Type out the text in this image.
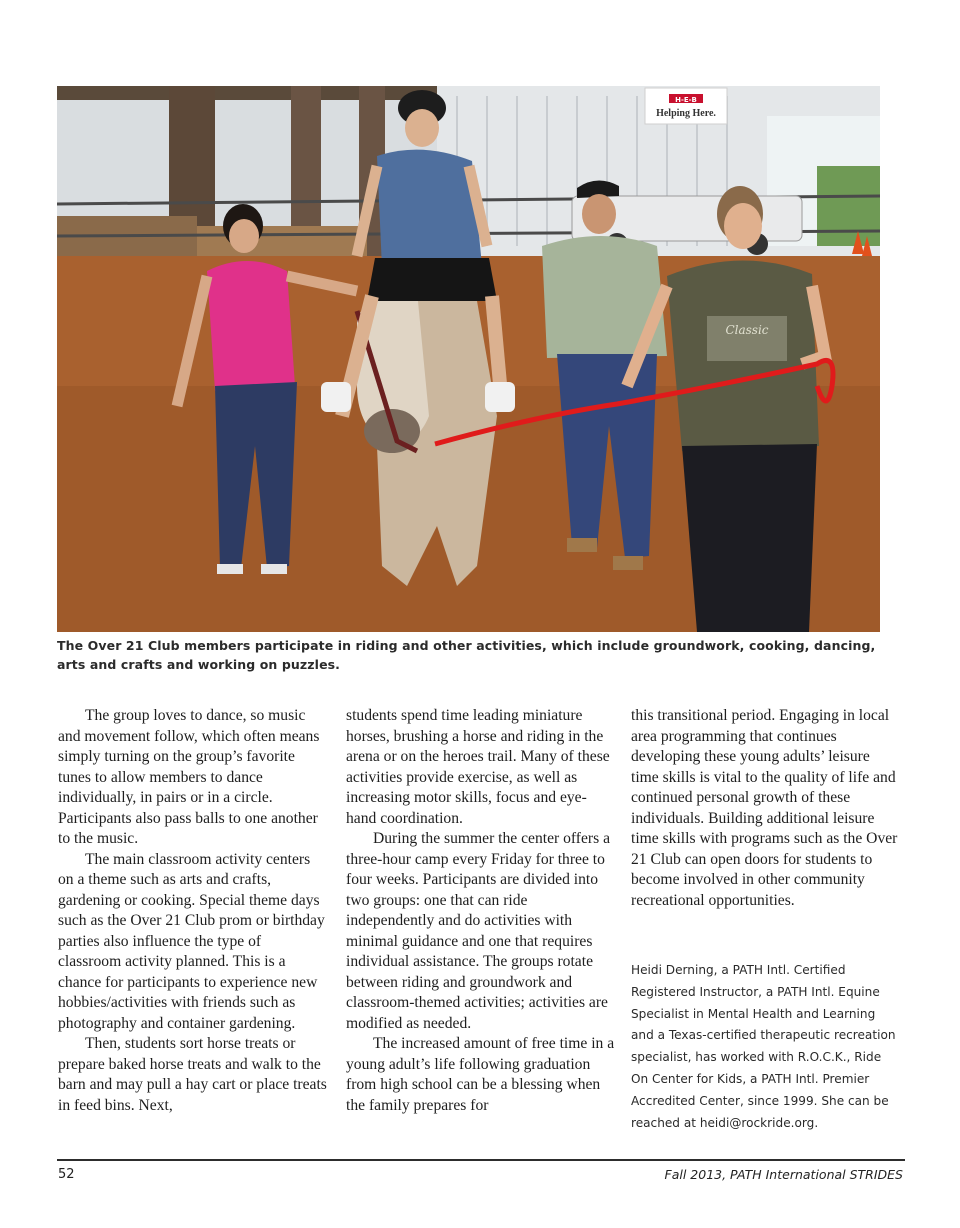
H-E-B
Helping Here.
Classic
The Over 21 Club members participate in riding and other activities, which include groundwork, cooking, dancing, arts and crafts and working on puzzles.

The group loves to dance, so music and movement follow, which often means simply turning on the group’s favorite tunes to allow members to dance individually, in pairs or in a circle. Participants also pass balls to one another to the music.

The main classroom activity centers on a theme such as arts and crafts, gardening or cooking. Special theme days such as the Over 21 Club prom or birthday parties also influence the type of classroom activity planned. This is a chance for participants to experience new hobbies/activities with friends such as photography and container gardening.

Then, students sort horse treats or prepare baked horse treats and walk to the barn and may pull a hay cart or place treats in feed bins. Next,

students spend time leading miniature horses, brushing a horse and riding in the arena or on the heroes trail. Many of these activities provide exercise, as well as increasing motor skills, focus and eye-hand coordination.

During the summer the center offers a three-hour camp every Friday for three to four weeks. Participants are divided into two groups: one that can ride independently and do activities with minimal guidance and one that requires individual assistance. The groups rotate between riding and groundwork and classroom-themed activities; activities are modified as needed.

The increased amount of free time in a young adult’s life following graduation from high school can be a blessing when the family prepares for

this transitional period. Engaging in local area programming that continues developing these young adults’ leisure time skills is vital to the quality of life and continued personal growth of these individuals. Building additional leisure time skills with programs such as the Over 21 Club can open doors for students to become involved in other community recreational opportunities.

Heidi Derning, a PATH Intl. Certified Registered Instructor, a PATH Intl. Equine Specialist in Mental Health and Learning and a Texas-certified therapeutic recreation specialist, has worked with R.O.C.K., Ride On Center for Kids, a PATH Intl. Premier Accredited Center, since 1999. She can be reached at heidi@rockride.org.
52	Fall 2013, PATH International STRIDES
